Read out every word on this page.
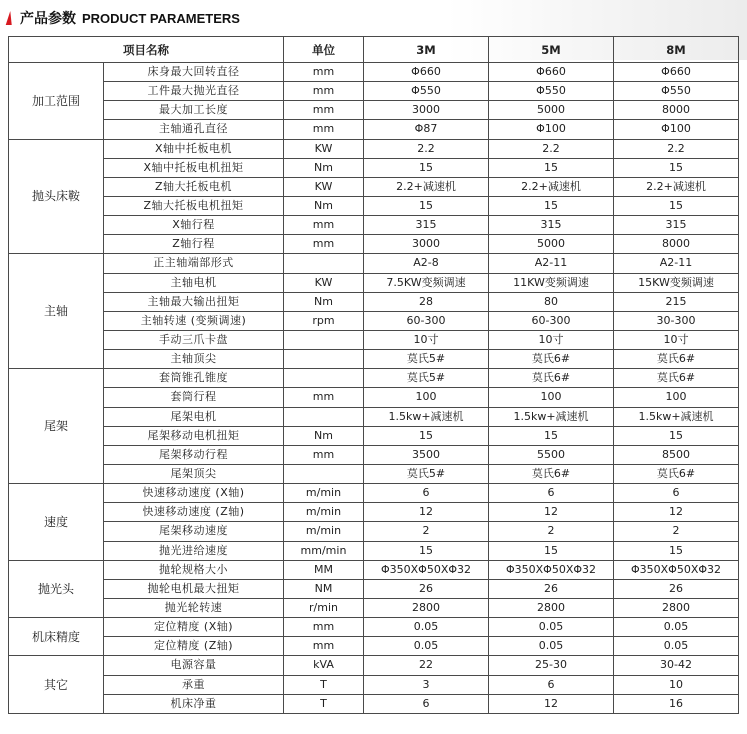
产品参数 PRODUCT PARAMETERS
项目名称		单位	3M	5M	8M
加工范围	床身最大回转直径	mm	Φ660	Φ660	Φ660
	工件最大抛光直径	mm	Φ550	Φ550	Φ550
	最大加工长度	mm	3000	5000	8000
	主轴通孔直径	mm	Φ87	Φ100	Φ100
抛头床鞍	X轴中托板电机	KW	2.2	2.2	2.2
	X轴中托板电机扭矩	Nm	15	15	15
	Z轴大托板电机	KW	2.2+减速机	2.2+减速机	2.2+减速机
	Z轴大托板电机扭矩	Nm	15	15	15
	X轴行程	mm	315	315	315
	Z轴行程	mm	3000	5000	8000
主轴	正主轴端部形式		A2-8	A2-11	A2-11
	主轴电机	KW	7.5KW变频调速	11KW变频调速	15KW变频调速
	主轴最大输出扭矩	Nm	28	80	215
	主轴转速 (变频调速)	rpm	60-300	60-300	30-300
	手动三爪卡盘		10寸	10寸	10寸
	主轴顶尖		莫氏5#	莫氏6#	莫氏6#
尾架	套筒锥孔锥度		莫氏5#	莫氏6#	莫氏6#
	套筒行程	mm	100	100	100
	尾架电机		1.5kw+减速机	1.5kw+减速机	1.5kw+减速机
	尾架移动电机扭矩	Nm	15	15	15
	尾架移动行程	mm	3500	5500	8500
	尾架顶尖		莫氏5#	莫氏6#	莫氏6#
速度	快速移动速度 (X轴)	m/min	6	6	6
	快速移动速度 (Z轴)	m/min	12	12	12
	尾架移动速度	m/min	2	2	2
	抛光进给速度	mm/min	15	15	15
抛光头	抛轮规格大小	MM	Φ350XΦ50XΦ32	Φ350XΦ50XΦ32	Φ350XΦ50XΦ32
	抛轮电机最大扭矩	NM	26	26	26
	抛光轮转速	r/min	2800	2800	2800
机床精度	定位精度 (X轴)	mm	0.05	0.05	0.05
	定位精度 (Z轴)	mm	0.05	0.05	0.05
其它	电源容量	kVA	22	25-30	30-42
	承重	T	3	6	10
	机床净重	T	6	12	16
